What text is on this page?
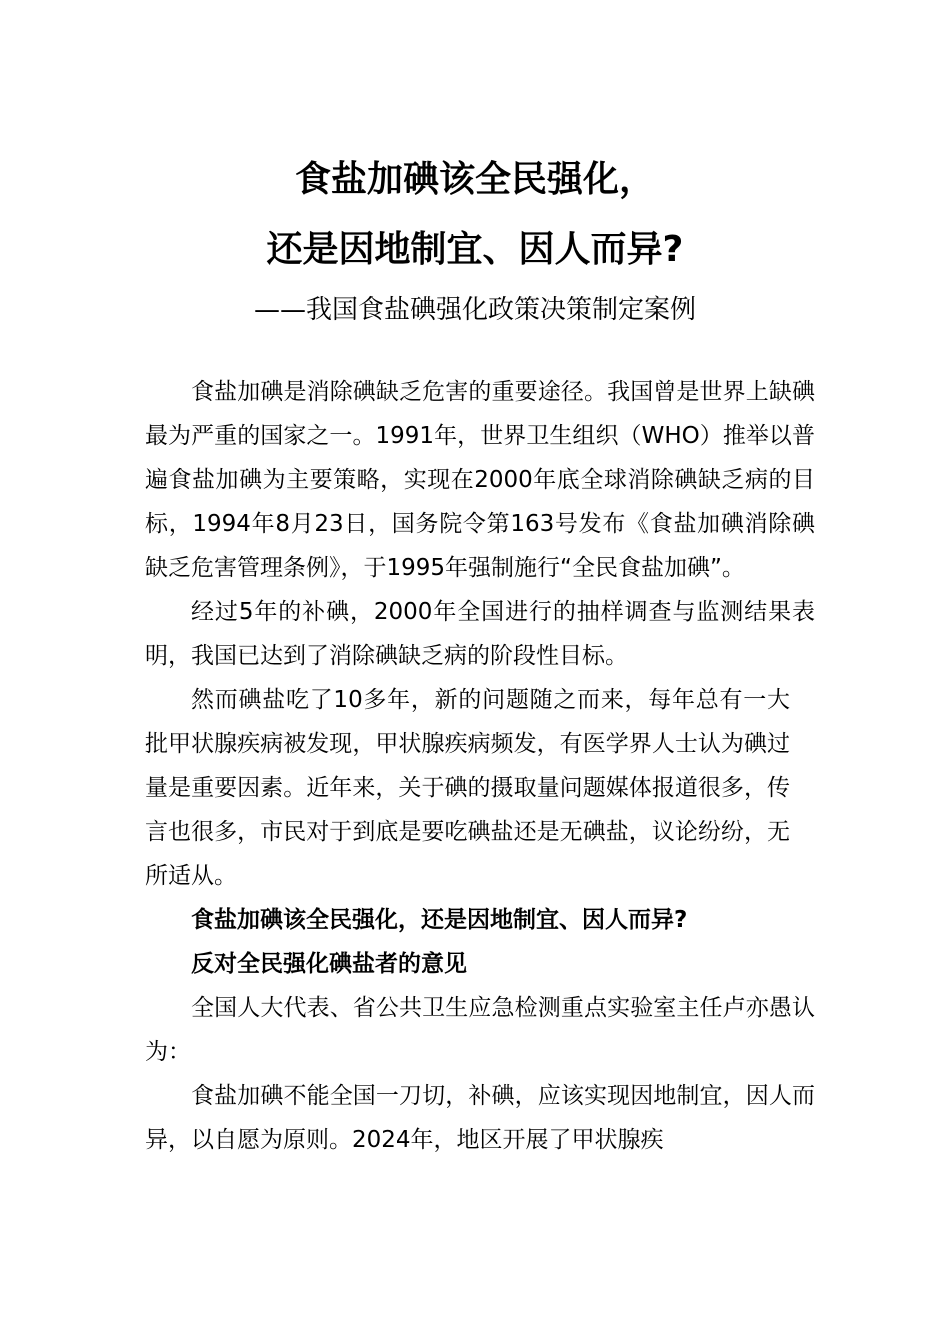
食盐加碘该全民强化，
还是因地制宜、因人而异?

——我国食盐碘强化政策决策制定案例

食盐加碘是消除碘缺乏危害的重要途径。我国曾是世界上缺碘最为严重的国家之一。1991年，世界卫生组织（WHO）推举以普遍食盐加碘为主要策略，实现在2000年底全球消除碘缺乏病的目标，1994年8月23日，国务院令第163号发布《食盐加碘消除碘缺乏危害管理条例》，于1995年强制施行“全民食盐加碘”。

经过5年的补碘，2000年全国进行的抽样调查与监测结果表明，我国已达到了消除碘缺乏病的阶段性目标。

然而碘盐吃了10多年，新的问题随之而来，每年总有一大批甲状腺疾病被发现，甲状腺疾病频发，有医学界人士认为碘过量是重要因素。近年来，关于碘的摄取量问题媒体报道很多，传言也很多，市民对于到底是要吃碘盐还是无碘盐，议论纷纷，无所适从。

食盐加碘该全民强化，还是因地制宜、因人而异?

反对全民强化碘盐者的意见

全国人大代表、省公共卫生应急检测重点实验室主任卢亦愚认为：

食盐加碘不能全国一刀切，补碘，应该实现因地制宜，因人而异，以自愿为原则。2024年，地区开展了甲状腺疾
